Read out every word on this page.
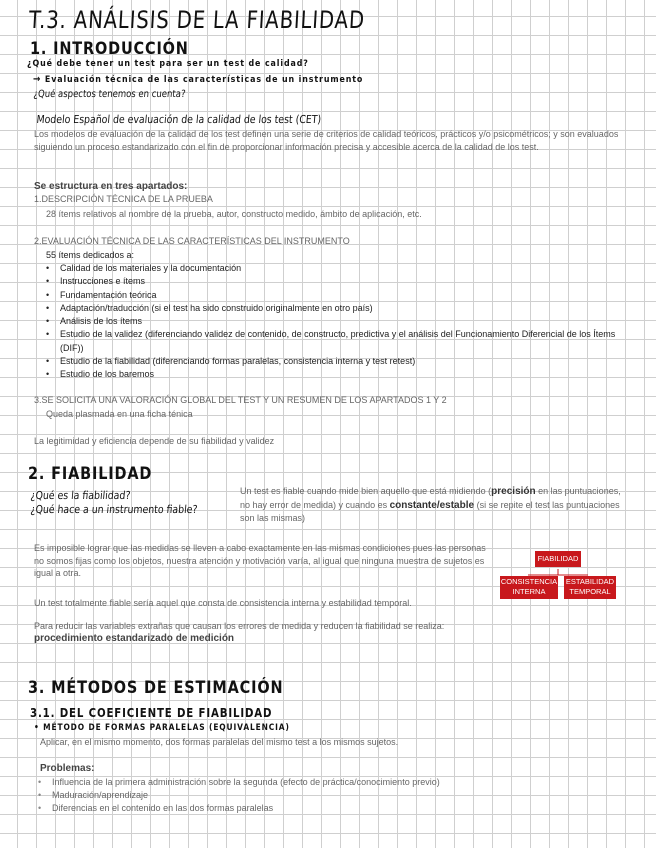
T.3. ANÁLISIS DE LA FIABILIDAD
1. INTRODUCCIÓN
¿Qué debe tener un test para ser un test de calidad?
→ Evaluación técnica de las características de un instrumento
¿Qué aspectos tenemos en cuenta?
Modelo Español de evaluación de la calidad de los test (CET)
Los modelos de evaluación de la calidad de los test definen una serie de criterios de calidad teóricos, prácticos y/o psicométricos; y son evaluados siguiendo un proceso estandarizado con el fin de proporcionar información precisa y accesible acerca de la calidad de los test.
Se estructura en tres apartados:
1.DESCRIPCIÓN TÉCNICA DE LA PRUEBA
28 ítems relativos al nombre de la prueba, autor, constructo medido, ámbito de aplicación, etc.
2.EVALUACIÓN TÉCNICA DE LAS CARACTERÍSTICAS DEL INSTRUMENTO
55 ítems dedicados a:
• Calidad de los materiales y la documentación
• Instrucciones e ítems
• Fundamentación teórica
• Adaptación/traducción (si el test ha sido construido originalmente en otro país)
• Análisis de los ítems
• Estudio de la validez (diferenciando validez de contenido, de constructo, predictiva y el análisis del Funcionamiento Diferencial de los Ítems (DIF))
• Estudio de la fiabilidad (diferenciando formas paralelas, consistencia interna y test retest)
• Estudio de los baremos
3.SE SOLICITA UNA VALORACIÓN GLOBAL DEL TEST Y UN RESUMEN DE LOS APARTADOS 1 Y 2
Queda plasmada en una ficha ténica
La legitimidad y eficiencia depende de su fiabilidad y validez
2. FIABILIDAD
¿Qué es la fiabilidad?
¿Qué hace a un instrumento fiable?
Un test es fiable cuando mide bien aquello que está midiendo (precisión en las puntuaciones, no hay error de medida) y cuando es constante/estable (si se repite el test las puntuaciones son las mismas)
Es imposible lograr que las medidas se lleven a cabo exactamente en las mismas condiciones pues las personas no somos fijas como los objetos, nuestra atención y motivación varía, al igual que ninguna muestra de sujetos es igual a otra.
Un test totalmente fiable sería aquel que consta de consistencia interna y estabilidad temporal.
Para reducir las variables extrañas que causan los errores de medida y reducen la fiabilidad se realiza:
procedimiento estandarizado de medición
FIABILIDAD
CONSISTENCIA INTERNA
ESTABILIDAD TEMPORAL
3. MÉTODOS DE ESTIMACIÓN
3.1. DEL COEFICIENTE DE FIABILIDAD
• MÉTODO DE FORMAS PARALELAS (EQUIVALENCIA)
Aplicar, en el mismo momento, dos formas paralelas del mismo test a los mismos sujetos.
Problemas:
• Influencia de la primera administración sobre la segunda (efecto de práctica/conocimiento previo)
• Maduración/aprendizaje
• Diferencias en el contenido en las dos formas paralelas
